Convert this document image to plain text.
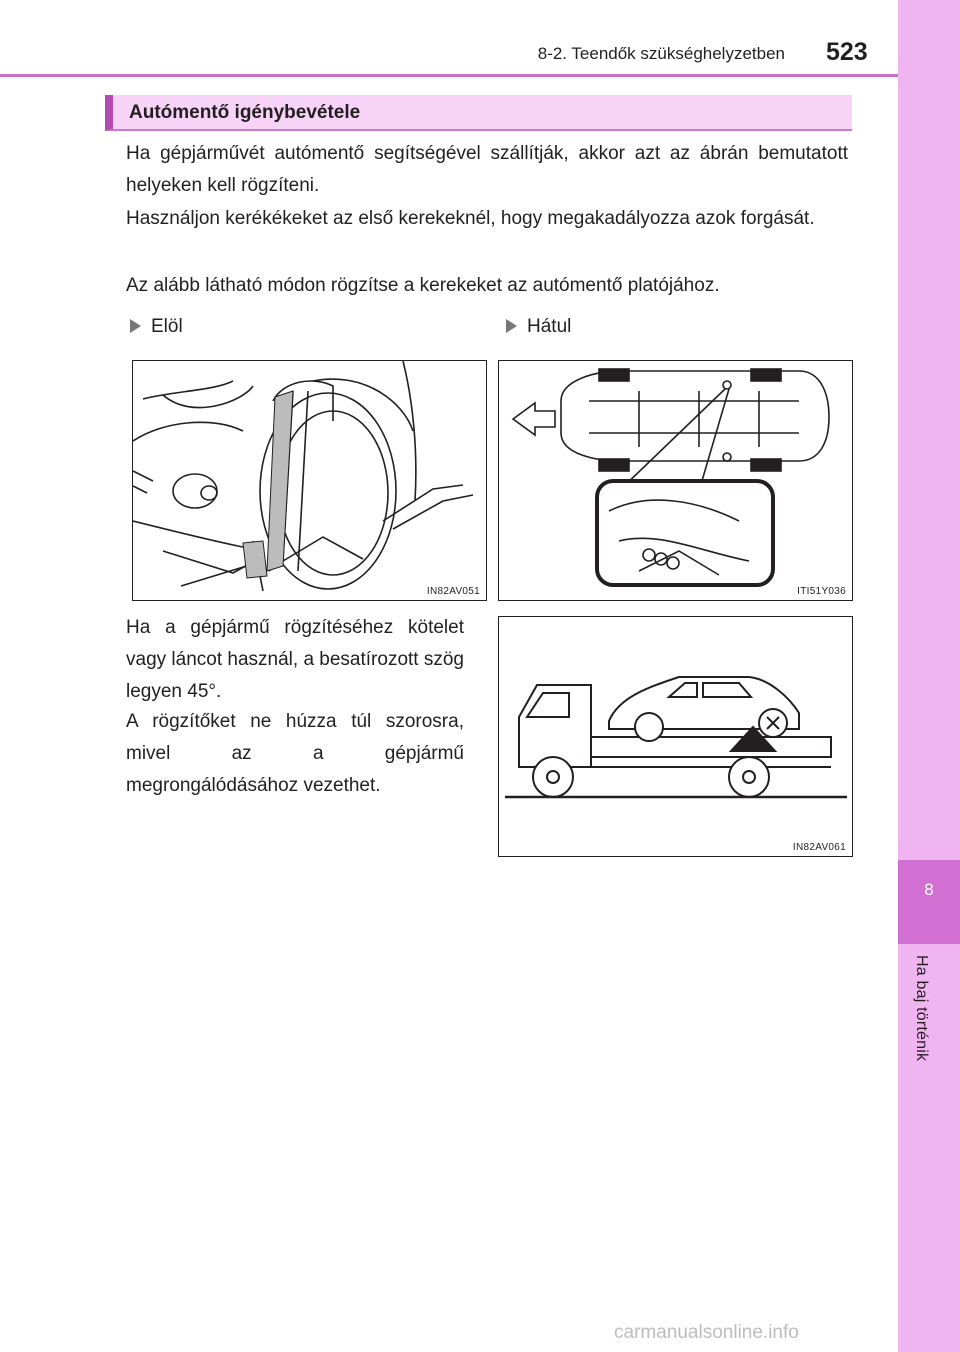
8
Ha baj történik
8-2. Teendők szükséghelyzetben 523
Autómentő igénybevétele
Ha gépjárművét autómentő segítségével szállítják, akkor azt az ábrán bemutatott helyeken kell rögzíteni.
Használjon kerékékeket az első kerekeknél, hogy megakadályozza azok forgását.
Az alább látható módon rögzítse a kerekeket az autómentő platójához.
Elöl	Hátul
IN82AV051	ITI51Y036
Ha a gépjármű rögzítéséhez kötelet vagy láncot használ, a besatírozott szög legyen 45°.
A rögzítőket ne húzza túl szorosra, mivel az a gépjármű megrongálódásához vezethet.
IN82AV061
carmanualsonline.info
